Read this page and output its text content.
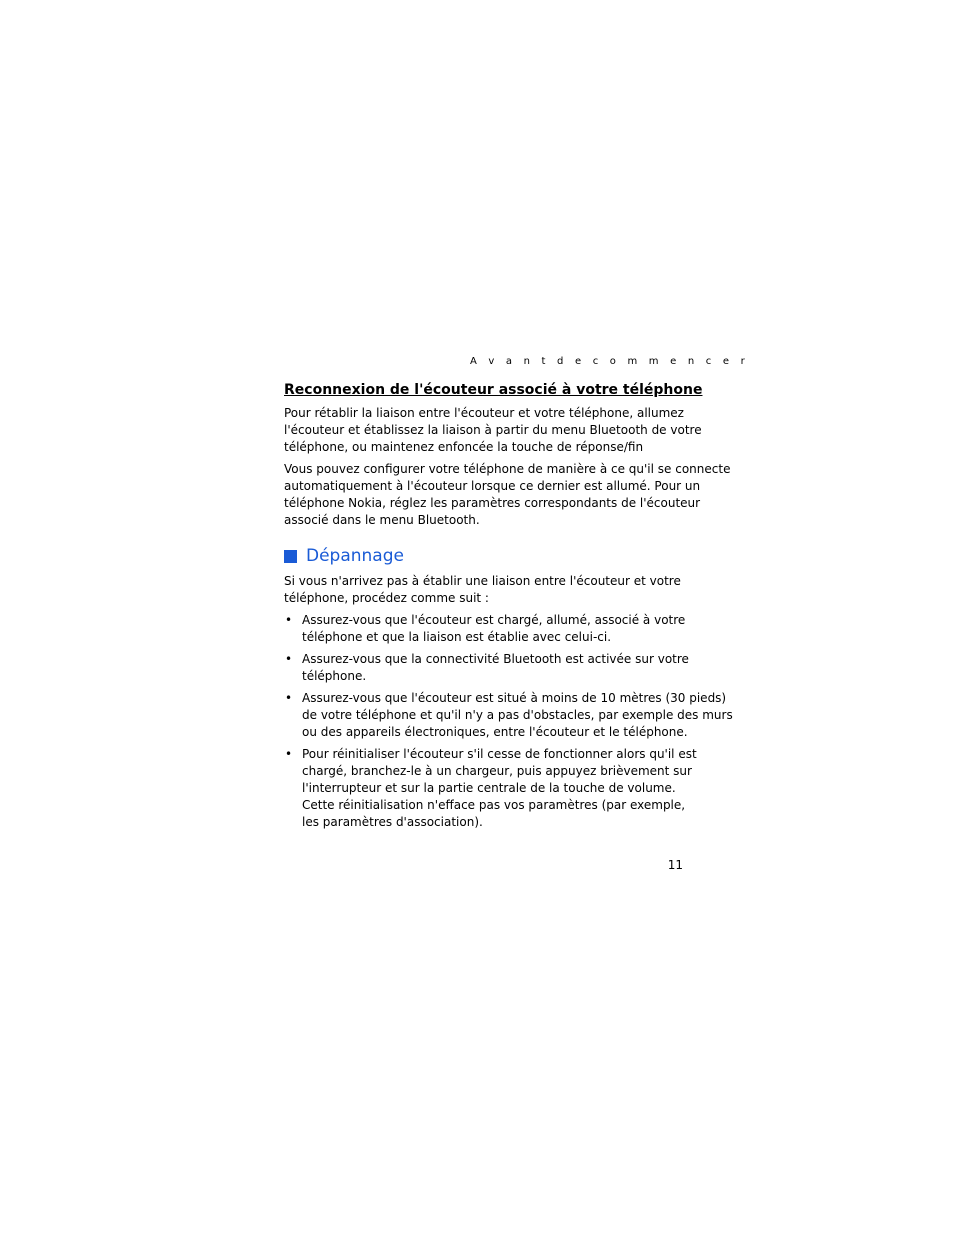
A v a n t d e c o m m e n c e r
Reconnexion de l'écouteur associé à votre téléphone

Pour rétablir la liaison entre l'écouteur et votre téléphone, allumez
l'écouteur et établissez la liaison à partir du menu Bluetooth de votre
téléphone, ou maintenez enfoncée la touche de réponse/fin

Vous pouvez configurer votre téléphone de manière à ce qu'il se connecte
automatiquement à l'écouteur lorsque ce dernier est allumé. Pour un
téléphone Nokia, réglez les paramètres correspondants de l'écouteur
associé dans le menu Bluetooth.

Dépannage

Si vous n'arrivez pas à établir une liaison entre l'écouteur et votre
téléphone, procédez comme suit :

• Assurez-vous que l'écouteur est chargé, allumé, associé à votre
téléphone et que la liaison est établie avec celui-ci.
• Assurez-vous que la connectivité Bluetooth est activée sur votre
téléphone.
• Assurez-vous que l'écouteur est situé à moins de 10 mètres (30 pieds)
de votre téléphone et qu'il n'y a pas d'obstacles, par exemple des murs
ou des appareils électroniques, entre l'écouteur et le téléphone.
• Pour réinitialiser l'écouteur s'il cesse de fonctionner alors qu'il est
chargé, branchez-le à un chargeur, puis appuyez brièvement sur
l'interrupteur et sur la partie centrale de la touche de volume.
Cette réinitialisation n'efface pas vos paramètres (par exemple,
les paramètres d'association).
11
